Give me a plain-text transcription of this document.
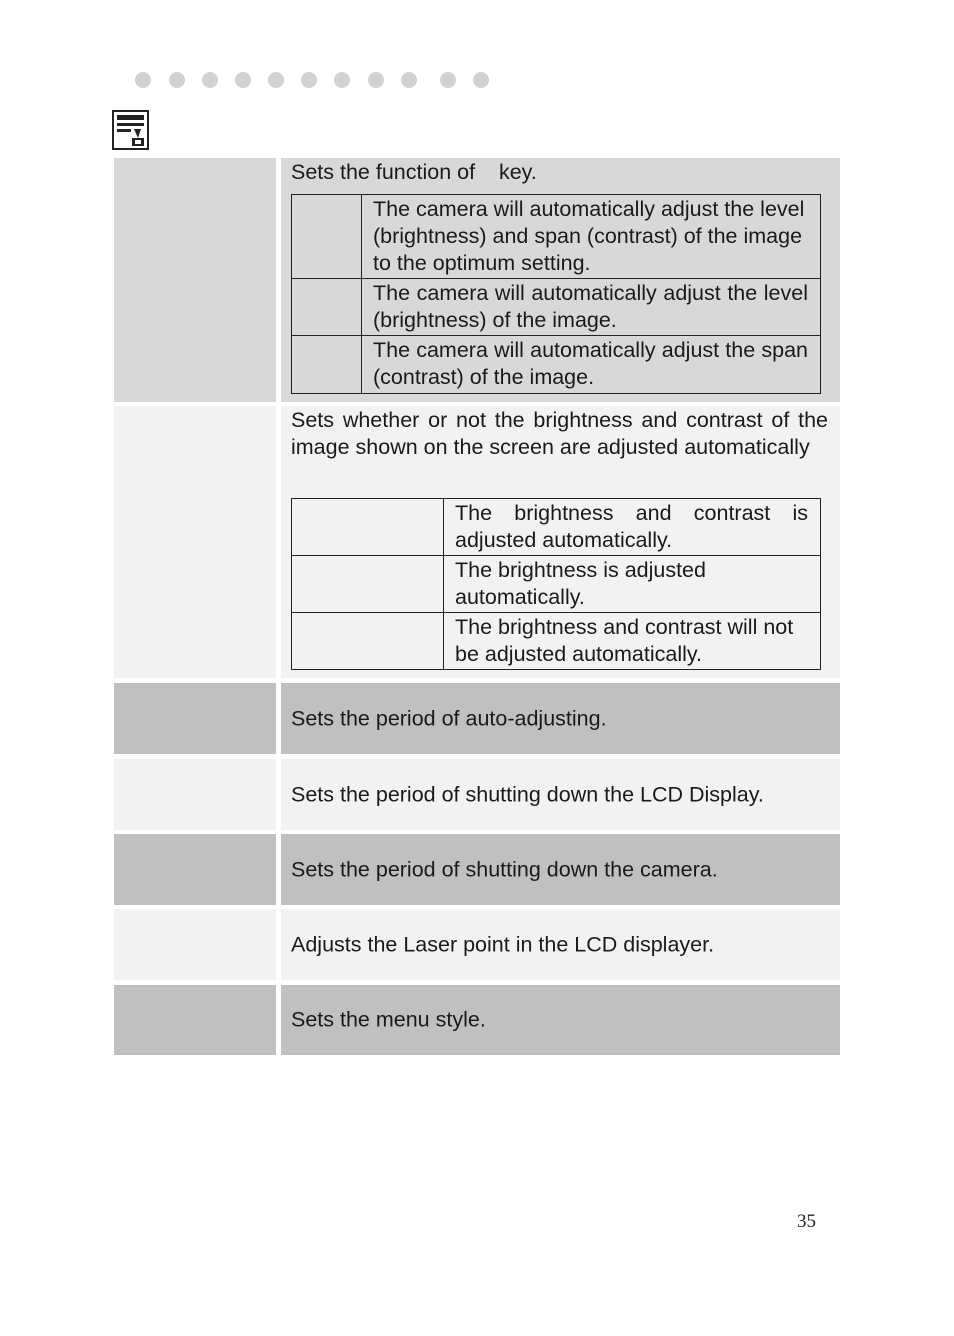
Sets the function of    key.
	The camera will automatically adjust the level (brightness) and span (contrast) of the image to the optimum setting.
	The camera will automatically adjust the level (brightness) of the image.
	The camera will automatically adjust the span (contrast) of the image.
Sets whether or not the brightness and contrast of the image shown on the screen are adjusted automatically
	The brightness and contrast is adjusted automatically.
	The brightness is adjusted automatically.
	The brightness and contrast will not be adjusted automatically.
Sets the period of auto-adjusting.
Sets the period of shutting down the LCD Display.
Sets the period of shutting down the camera.
Adjusts the Laser point in the LCD displayer.
Sets the menu style.
35
